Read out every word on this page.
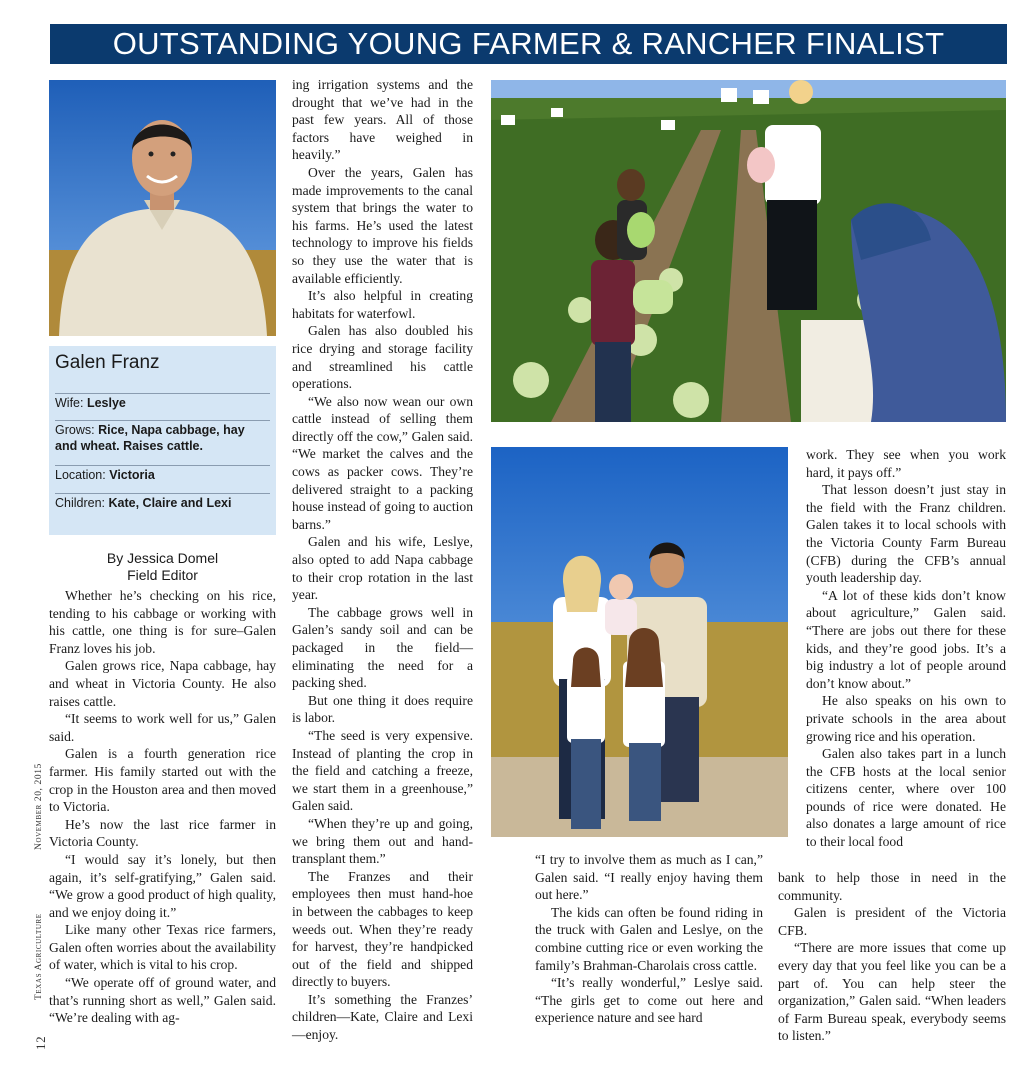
OUTSTANDING YOUNG FARMER & RANCHER FINALIST
Galen Franz
Wife: Leslye
Grows: Rice, Napa cabbage, hay and wheat. Raises cattle.
Location: Victoria
Children: Kate, Claire and Lexi
By Jessica Domel
Field Editor

Whether he’s checking on his rice, tending to his cabbage or working with his cattle, one thing is for sure–Galen Franz loves his job.

Galen grows rice, Napa cabbage, hay and wheat in Victoria County. He also raises cattle.

“It seems to work well for us,” Galen said.

Galen is a fourth generation rice farmer. His family started out with the crop in the Houston area and then moved to Victoria.

He’s now the last rice farmer in Victoria County.

“I would say it’s lonely, but then again, it’s self-gratifying,” Galen said. “We grow a good product of high quality, and we enjoy doing it.”

Like many other Texas rice farmers, Galen often worries about the availability of water, which is vital to his crop.

“We operate off of ground water, and that’s running short as well,” Galen said. “We’re dealing with ag-

ing irrigation systems and the drought that we’ve had in the past few years. All of those factors have weighed in heavily.”

Over the years, Galen has made improvements to the canal system that brings the water to his farms. He’s used the latest technology to improve his fields so they use the water that is available efficiently.

It’s also helpful in creating habitats for waterfowl.

Galen has also doubled his rice drying and storage facility and streamlined his cattle operations.

“We also now wean our own cattle instead of selling them directly off the cow,” Galen said. “We market the calves and the cows as packer cows. They’re delivered straight to a packing house instead of going to auction barns.”

Galen and his wife, Leslye, also opted to add Napa cabbage to their crop rotation in the last year.

The cabbage grows well in Galen’s sandy soil and can be packaged in the field—eliminating the need for a packing shed.

But one thing it does require is labor.

“The seed is very expensive. Instead of planting the crop in the field and catching a freeze, we start them in a greenhouse,” Galen said.

“When they’re up and going, we bring them out and hand-transplant them.”

The Franzes and their employees then must hand-hoe in between the cabbages to keep weeds out. When they’re ready for harvest, they’re handpicked out of the field and shipped directly to buyers.

It’s something the Franzes’ children—Kate, Claire and Lexi—enjoy.

“I try to involve them as much as I can,” Galen said. “I really enjoy having them out here.”

The kids can often be found riding in the truck with Galen and Leslye, on the combine cutting rice or even working the family’s Brahman-Charolais cross cattle.

“It’s really wonderful,” Leslye said. “The girls get to come out here and experience nature and see hard

work. They see when you work hard, it pays off.”

That lesson doesn’t just stay in the field with the Franz children. Galen takes it to local schools with the Victoria County Farm Bureau (CFB) during the CFB’s annual youth leadership day.

“A lot of these kids don’t know about agriculture,” Galen said. “There are jobs out there for these kids, and they’re good jobs. It’s a big industry a lot of people around don’t know about.”

He also speaks on his own to private schools in the area about growing rice and his operation.

Galen also takes part in a lunch the CFB hosts at the local senior citizens center, where over 100 pounds of rice were donated. He also donates a large amount of rice to their local food

bank to help those in need in the community.

Galen is president of the Victoria CFB.

“There are more issues that come up every day that you feel like you can be a part of. You can help steer the organization,” Galen said. “When leaders of Farm Bureau speak, everybody seems to listen.”

November 20, 2015
Texas Agriculture
12
